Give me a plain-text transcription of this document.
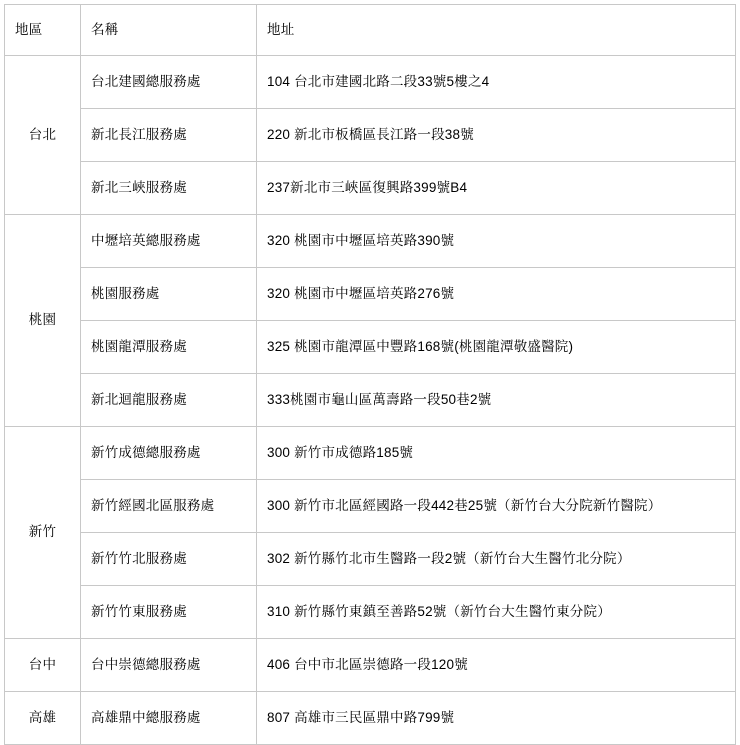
地區	名稱	地址
台北	台北建國總服務處	104 台北市建國北路二段33號5樓之4
	新北長江服務處	220 新北市板橋區長江路一段38號
	新北三峽服務處	237新北市三峽區復興路399號B4
桃園	中壢培英總服務處	320 桃園市中壢區培英路390號
	桃園服務處	320 桃園市中壢區培英路276號
	桃園龍潭服務處	325 桃園市龍潭區中豐路168號(桃園龍潭敬盛醫院)
	新北迴龍服務處	333桃園市龜山區萬壽路一段50巷2號
新竹	新竹成德總服務處	300 新竹市成德路185號
	新竹經國北區服務處	300 新竹市北區經國路一段442巷25號（新竹台大分院新竹醫院）
	新竹竹北服務處	302 新竹縣竹北市生醫路一段2號（新竹台大生醫竹北分院）
	新竹竹東服務處	310 新竹縣竹東鎮至善路52號（新竹台大生醫竹東分院）
台中	台中崇德總服務處	406 台中市北區崇德路一段120號
高雄	高雄鼎中總服務處	807 高雄市三民區鼎中路799號
